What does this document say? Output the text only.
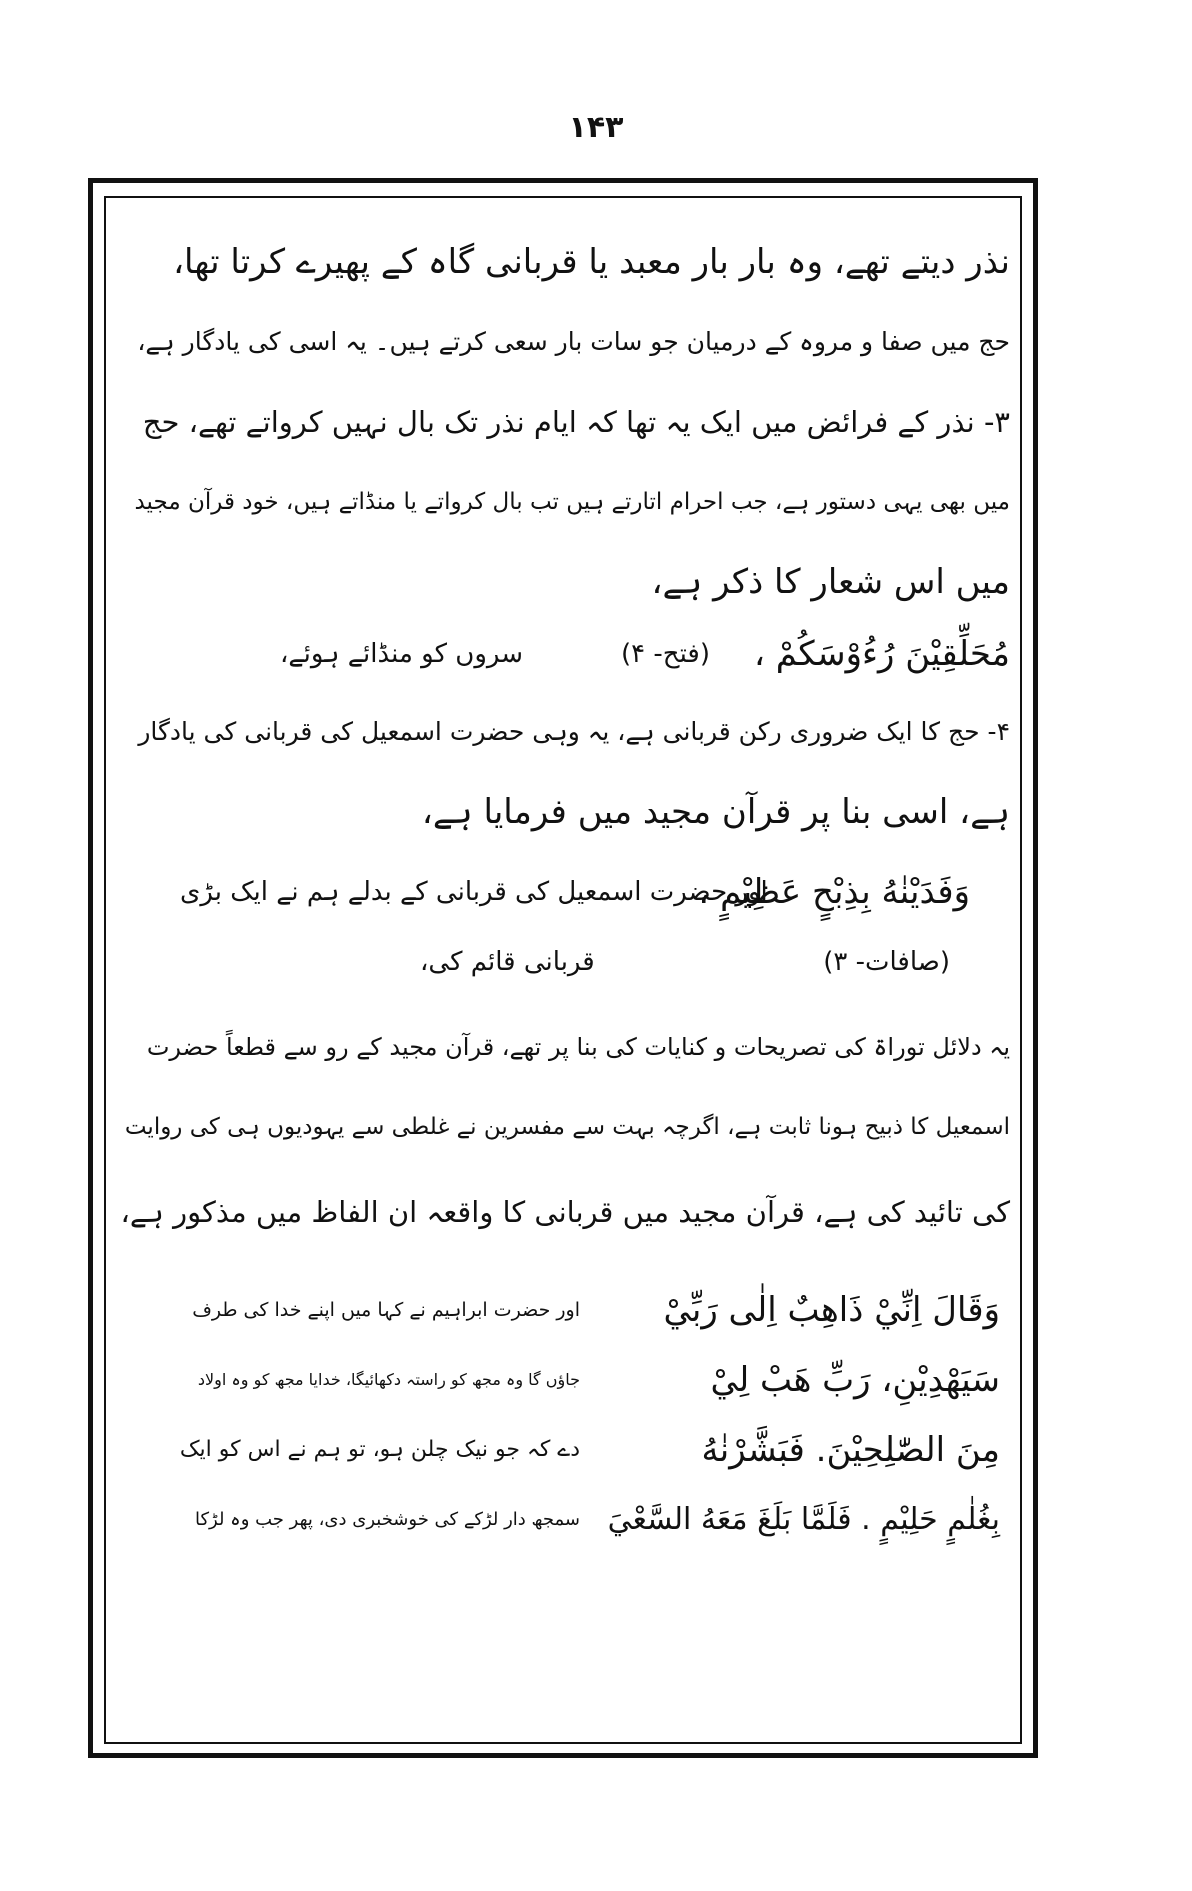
۱۴۳
نذر دیتے تھے، وہ بار بار معبد یا قربانی گاہ کے پھیرے کرتا تھا،
حج میں صفا و مروہ کے درمیان جو سات بار سعی کرتے ہیں۔ یہ اسی کی یادگار ہے،
۳- نذر کے فرائض میں ایک یہ تھا کہ ایام نذر تک بال نہیں کرواتے تھے، حج
میں بھی یہی دستور ہے، جب احرام اتارتے ہیں تب بال کرواتے یا منڈاتے ہیں، خود قرآن مجید
میں اس شعار کا ذکر ہے،
مُحَلِّقِيْنَ رُءُوْسَكُمْ ،
(فتح- ۴)
سروں کو منڈائے ہوئے،
۴- حج کا ایک ضروری رکن قربانی ہے، یہ وہی حضرت اسمعیل کی قربانی کی یادگار
ہے، اسی بنا پر قرآن مجید میں فرمایا ہے،
وَفَدَيْنٰهُ بِذِبْحٍ عَظِيْمٍ ،
اور حضرت اسمعیل کی قربانی کے بدلے ہم نے ایک بڑی
(صافات- ۳)
قربانی قائم کی،
یہ دلائل توراۃ کی تصریحات و کنایات کی بنا پر تھے، قرآن مجید کے رو سے قطعاً حضرت
اسمعیل کا ذبیح ہونا ثابت ہے، اگرچہ بہت سے مفسرین نے غلطی سے یہودیوں ہی کی روایت
کی تائید کی ہے، قرآن مجید میں قربانی کا واقعہ ان الفاظ میں مذکور ہے،
وَقَالَ اِنِّيْ ذَاهِبٌ اِلٰى رَبِّيْ
اور حضرت ابراہیم نے کہا میں اپنے خدا کی طرف
سَيَهْدِيْنِ، رَبِّ هَبْ لِيْ
جاؤں گا وہ مجھ کو راستہ دکھائیگا، خدایا مجھ کو وہ اولاد
مِنَ الصّٰلِحِيْنَ. فَبَشَّرْنٰهُ
دے کہ جو نیک چلن ہو، تو ہم نے اس کو ایک
بِغُلٰمٍ حَلِيْمٍ . فَلَمَّا بَلَغَ مَعَهُ السَّعْيَ
سمجھ دار لڑکے کی خوشخبری دی، پھر جب وہ لڑکا
